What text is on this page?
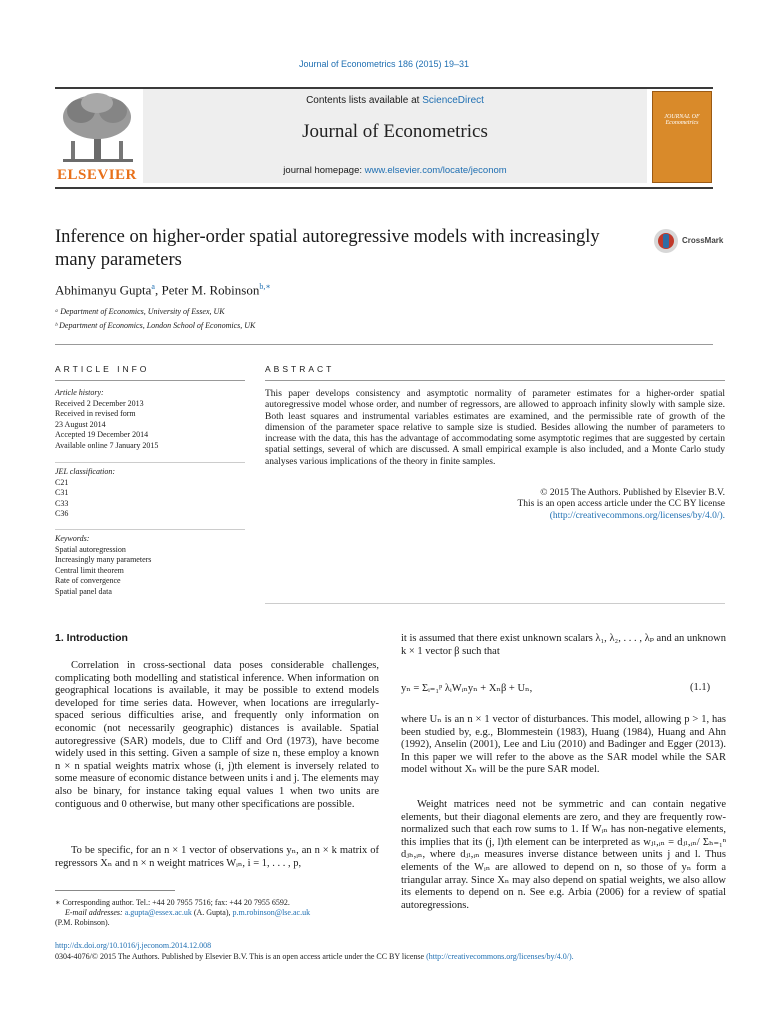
Journal of Econometrics 186 (2015) 19–31
ELSEVIER
Contents lists available at ScienceDirect
Journal of Econometrics
journal homepage: www.elsevier.com/locate/jeconom
JOURNAL OF Econometrics
Inference on higher-order spatial autoregressive models with increasingly many parameters
CrossMark
Abhimanyu Gupta$^a$, Peter M. Robinson$^{b,∗}$
ᵃ Department of Economics, University of Essex, UK
ᵇ Department of Economics, London School of Economics, UK
ARTICLE INFO
Article history:
Received 2 December 2013
Received in revised form
23 August 2014
Accepted 19 December 2014
Available online 7 January 2015
JEL classification:
C21
C31
C33
C36
Keywords:
Spatial autoregression
Increasingly many parameters
Central limit theorem
Rate of convergence
Spatial panel data
ABSTRACT
This paper develops consistency and asymptotic normality of parameter estimates for a higher-order spatial autoregressive model whose order, and number of regressors, are allowed to approach infinity slowly with sample size. Both least squares and instrumental variables estimates are examined, and the permissible rate of growth of the dimension of the parameter space relative to sample size is studied. Besides allowing the number of parameters to increase with the data, this has the advantage of accommodating some asymptotic regimes that are suggested by certain spatial settings, several of which are discussed. A small empirical example is also included, and a Monte Carlo study analyses various implications of the theory in finite samples.
© 2015 The Authors. Published by Elsevier B.V.
This is an open access article under the CC BY license
(http://creativecommons.org/licenses/by/4.0/).
1. Introduction
Correlation in cross-sectional data poses considerable challenges, complicating both modelling and statistical inference. When information on geographical locations is available, it may be possible to extend models developed for time series data. However, when locations are irregularly-spaced serious difficulties arise, and frequently only information on economic (not necessarily geographic) distances is available. Spatial autoregressive (SAR) models, due to Cliff and Ord (1973), have become widely used in this setting. Given a sample of size n, these employ a known n × n spatial weights matrix whose (i, j)th element is inversely related to some measure of economic distance between units i and j. The elements may also be binary, for instance taking equal values 1 when two units are contiguous and 0 otherwise, but many other specifications are possible.
To be specific, for an n × 1 vector of observations yₙ, an n × k matrix of regressors Xₙ and n × n weight matrices Wᵢₙ, i = 1, . . . , p,
∗ Corresponding author. Tel.: +44 20 7955 7516; fax: +44 20 7955 6592.
E-mail addresses: a.gupta@essex.ac.uk (A. Gupta), p.m.robinson@lse.ac.uk
(P.M. Robinson).
it is assumed that there exist unknown scalars λ₁, λ₂, . . . , λₚ and an unknown k × 1 vector β such that
yₙ = Σᵢ₌₁ᵖ λᵢWᵢₙyₙ + Xₙβ + Uₙ,	(1.1)
where Uₙ is an n × 1 vector of disturbances. This model, allowing p > 1, has been studied by, e.g., Blommestein (1983), Huang (1984), Huang and Ahn (1992), Anselin (2001), Lee and Liu (2010) and Badinger and Egger (2013). In this paper we will refer to the above as the SAR model while the SAR model without Xₙ will be the pure SAR model.
Weight matrices need not be symmetric and can contain negative elements, but their diagonal elements are zero, and they are frequently row-normalized such that each row sums to 1. If Wᵢₙ has non-negative elements, this implies that its (j, l)th element can be interpreted as wⱼₗ,ᵢₙ = dⱼₗ,ᵢₙ/ Σₕ₌₁ⁿ dⱼₕ,ᵢₙ, where dⱼₗ,ᵢₙ measures inverse distance between units j and l. Thus elements of the Wᵢₙ are allowed to depend on n, so those of yₙ form a triangular array. Since Xₙ may also depend on spatial weights, we also allow its elements to depend on n. See e.g. Arbia (2006) for a review of spatial autoregressions.
http://dx.doi.org/10.1016/j.jeconom.2014.12.008
0304-4076/© 2015 The Authors. Published by Elsevier B.V. This is an open access article under the CC BY license (http://creativecommons.org/licenses/by/4.0/).
